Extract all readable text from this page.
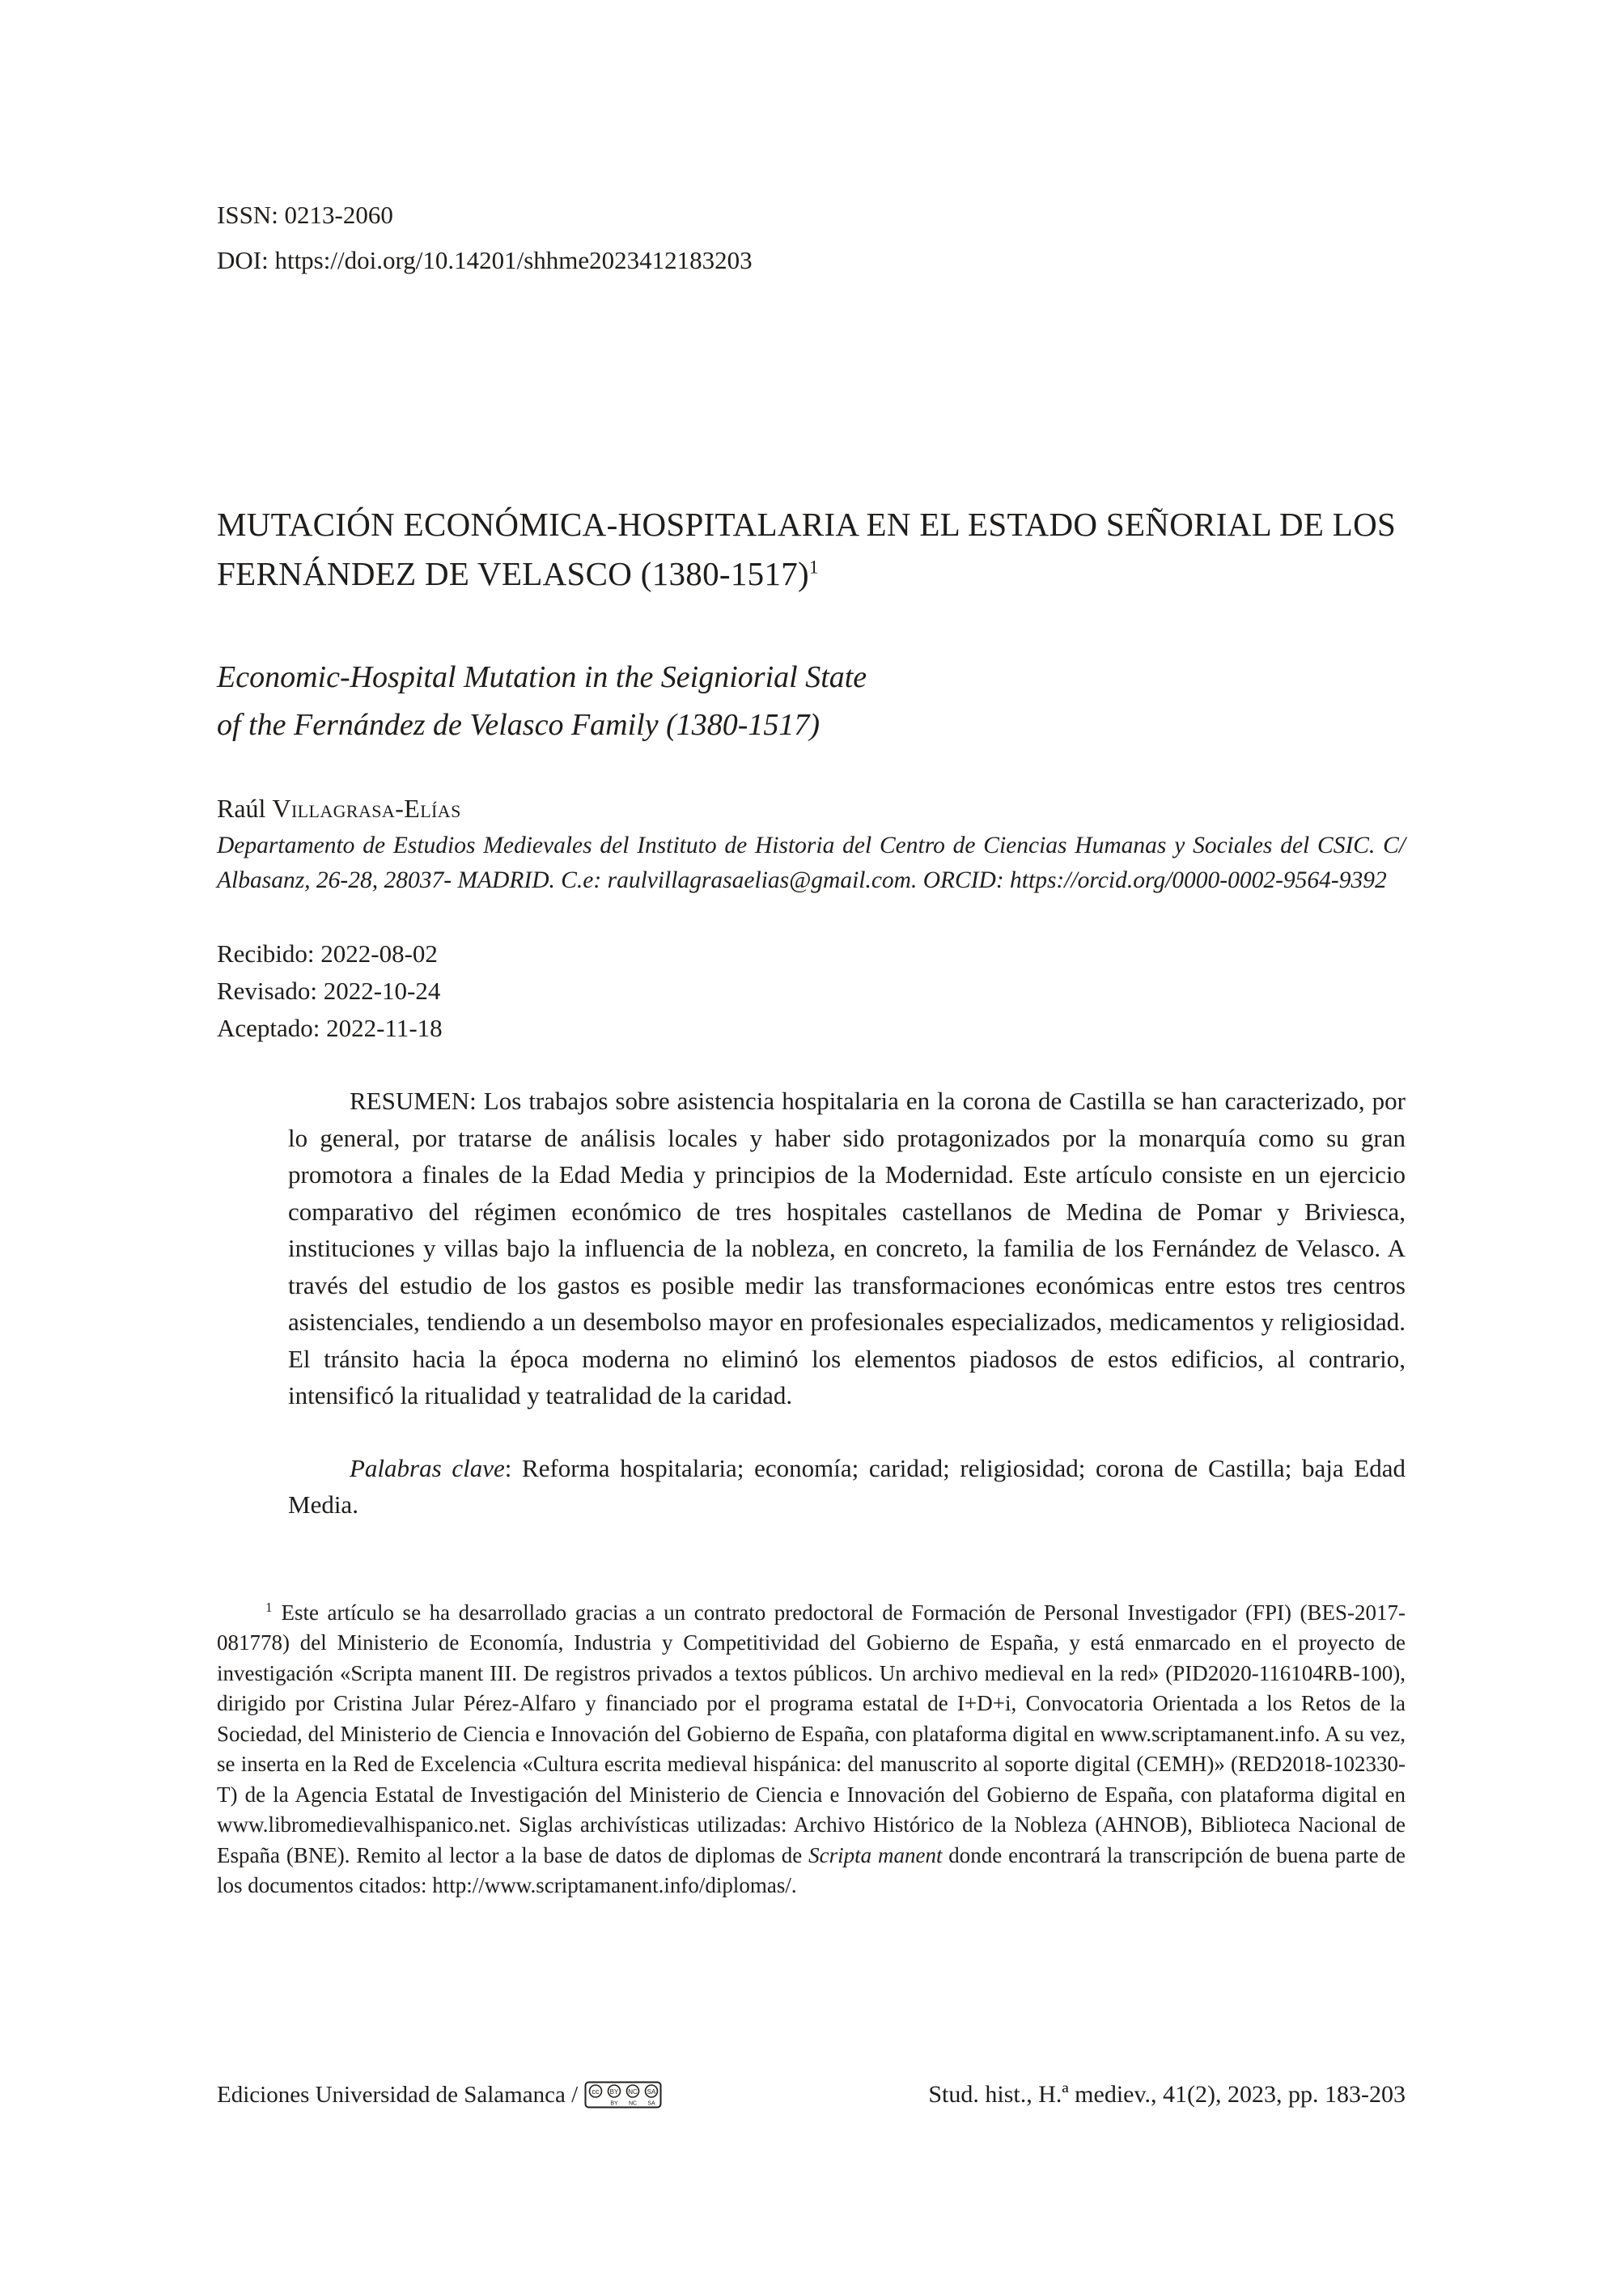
ISSN: 0213-2060
DOI: https://doi.org/10.14201/shhme2023412183203
MUTACIÓN ECONÓMICA-HOSPITALARIA EN EL ESTADO SEÑORIAL DE LOS FERNÁNDEZ DE VELASCO (1380-1517)$^1$
Economic-Hospital Mutation in the Seigniorial State
of the Fernández de Velasco Family (1380-1517)
Raúl Villagrasa-Elías
Departamento de Estudios Medievales del Instituto de Historia del Centro de Ciencias Humanas y Sociales del CSIC. C/ Albasanz, 26-28, 28037- MADRID. C.e: raulvillagrasaelias@gmail.com. ORCID: https://orcid.org/0000-0002-9564-9392
Recibido: 2022-08-02
Revisado: 2022-10-24
Aceptado: 2022-11-18

RESUMEN: Los trabajos sobre asistencia hospitalaria en la corona de Castilla se han caracterizado, por lo general, por tratarse de análisis locales y haber sido protagonizados por la monarquía como su gran promotora a finales de la Edad Media y principios de la Modernidad. Este artículo consiste en un ejercicio comparativo del régimen económico de tres hospitales castellanos de Medina de Pomar y Briviesca, instituciones y villas bajo la influencia de la nobleza, en concreto, la familia de los Fernández de Velasco. A través del estudio de los gastos es posible medir las transformaciones económicas entre estos tres centros asistenciales, tendiendo a un desembolso mayor en profesionales especializados, medicamentos y religiosidad. El tránsito hacia la época moderna no eliminó los elementos piadosos de estos edificios, al contrario, intensificó la ritualidad y teatralidad de la caridad.

Palabras clave: Reforma hospitalaria; economía; caridad; religiosidad; corona de Castilla; baja Edad Media.

$^1$ Este artículo se ha desarrollado gracias a un contrato predoctoral de Formación de Personal Investigador (FPI) (BES-2017-081778) del Ministerio de Economía, Industria y Competitividad del Gobierno de España, y está enmarcado en el proyecto de investigación «Scripta manent III. De registros privados a textos públicos. Un archivo medieval en la red» (PID2020-116104RB-100), dirigido por Cristina Jular Pérez-Alfaro y financiado por el programa estatal de I+D+i, Convocatoria Orientada a los Retos de la Sociedad, del Ministerio de Ciencia e Innovación del Gobierno de España, con plataforma digital en www.scriptamanent.info. A su vez, se inserta en la Red de Excelencia «Cultura escrita medieval hispánica: del manuscrito al soporte digital (CEMH)» (RED2018-102330-T) de la Agencia Estatal de Investigación del Ministerio de Ciencia e Innovación del Gobierno de España, con plataforma digital en www.libromedievalhispanico.net. Siglas archivísticas utilizadas: Archivo Histórico de la Nobleza (AHNOB), Biblioteca Nacional de España (BNE). Remito al lector a la base de datos de diplomas de Scripta manent donde encontrará la transcripción de buena parte de los documentos citados: http://www.scriptamanent.info/diplomas/.

Ediciones Universidad de Salamanca / cc BY NC SA
BY NC SA	Stud. hist., H.ª mediev., 41(2), 2023, pp. 183-203
